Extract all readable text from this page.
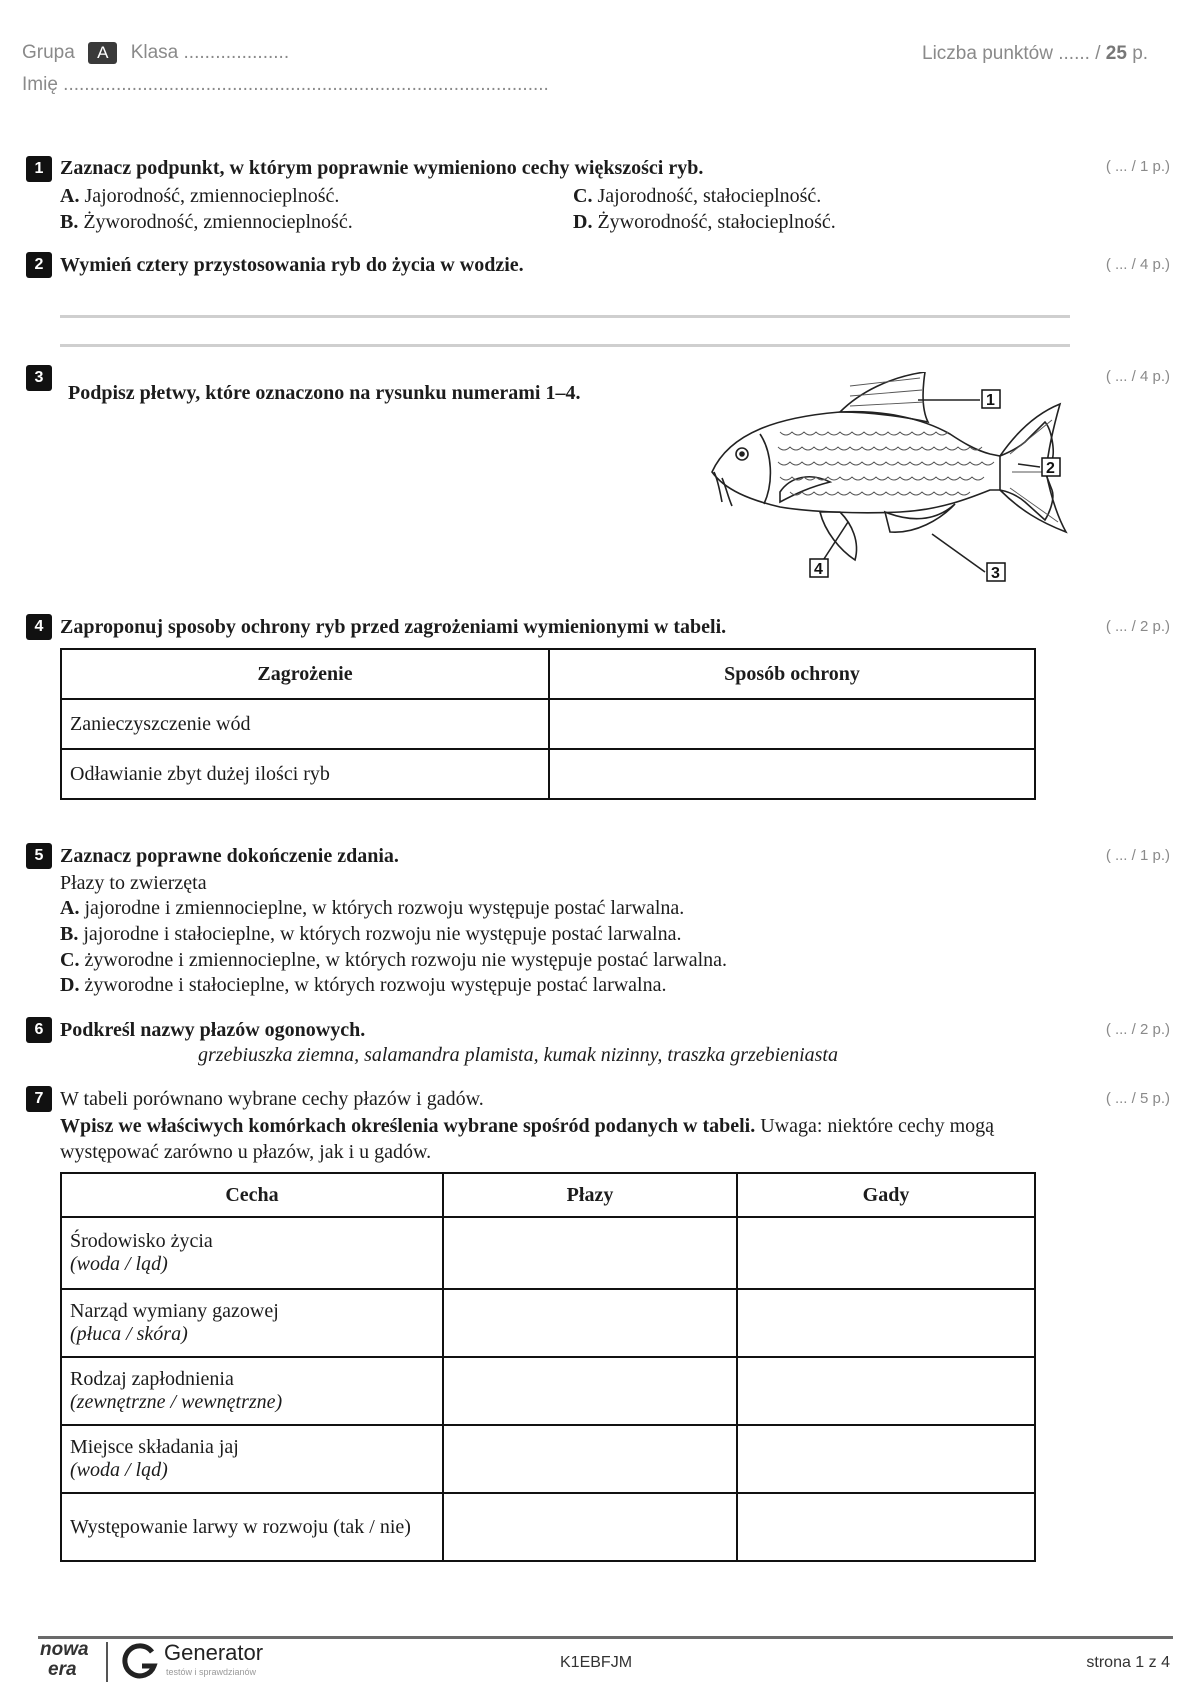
Grupa A Klasa ....................
Imię ............................................................................................
Liczba punktów ...... / 25 p.
1 Zaznacz podpunkt, w którym poprawnie wymieniono cechy większości ryb.	( ... / 1 p.)
A. Jajorodność, zmiennocieplność.
B. Żyworodność, zmiennocieplność.
C. Jajorodność, stałocieplność.
D. Żyworodność, stałocieplność.
2 Wymień cztery przystosowania ryb do życia w wodzie.	( ... / 4 p.)
3
Podpisz płetwy, które oznaczono na rysunku numerami 1–4.
( ... / 4 p.)
1
2
3
4
4 Zaproponuj sposoby ochrony ryb przed zagrożeniami wymienionymi w tabeli.	( ... / 2 p.)
Zagrożenie	Sposób ochrony
Zanieczyszczenie wód	
Odławianie zbyt dużej ilości ryb	
5 Zaznacz poprawne dokończenie zdania.	( ... / 1 p.)
Płazy to zwierzęta
A. jajorodne i zmiennocieplne, w których rozwoju występuje postać larwalna.
B. jajorodne i stałocieplne, w których rozwoju nie występuje postać larwalna.
C. żyworodne i zmiennocieplne, w których rozwoju nie występuje postać larwalna.
D. żyworodne i stałocieplne, w których rozwoju występuje postać larwalna.
6 Podkreśl nazwy płazów ogonowych.	( ... / 2 p.)
grzebiuszka ziemna, salamandra plamista, kumak nizinny, traszka grzebieniasta
7 W tabeli porównano wybrane cechy płazów i gadów.	( ... / 5 p.)
Wpisz we właściwych komórkach określenia wybrane spośród podanych w tabeli. Uwaga: niektóre cechy mogą występować zarówno u płazów, jak i u gadów.
Cecha	Płazy	Gady

Środowisko życia
(woda / ląd)		

Narząd wymiany gazowej
(płuca / skóra)		

Rodzaj zapłodnienia
(zewnętrzne / wewnętrzne)		

Miejsce składania jaj
(woda / ląd)		

Występowanie larwy w rozwoju (tak / nie)		

nowa
era
Generator
testów i sprawdzianów
K1EBFJM	strona 1 z 4
